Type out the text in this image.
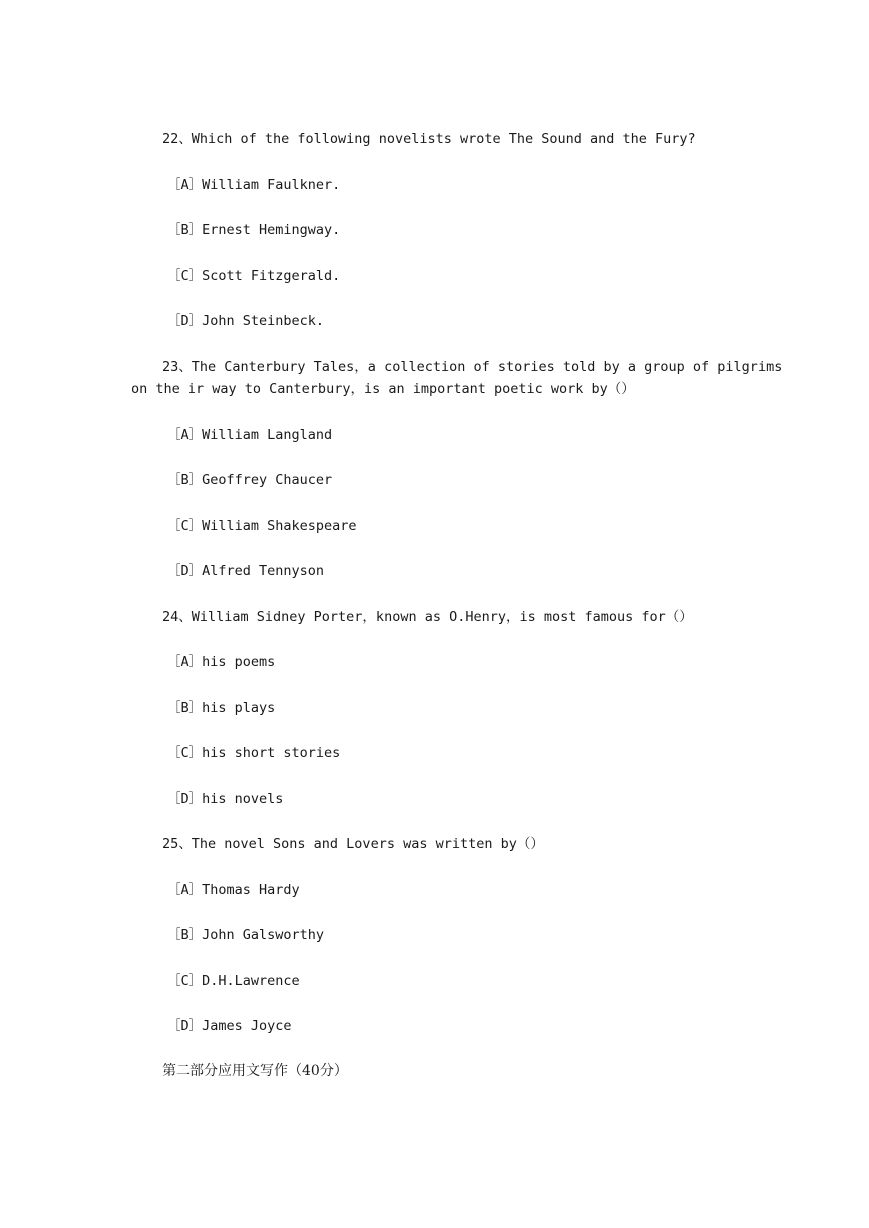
22、Which of the following novelists wrote The Sound and the Fury?
［A］William Faulkner.
［B］Ernest Hemingway.
［C］Scott Fitzgerald.
［D］John Steinbeck.
23、The Canterbury Tales，a collection of stories told by a group of pilgrims
on the ir way to Canterbury，is an important poetic work by（）
［A］William Langland
［B］Geoffrey Chaucer
［C］William Shakespeare
［D］Alfred Tennyson
24、William Sidney Porter，known as O.Henry，is most famous for（）
［A］his poems
［B］his plays
［C］his short stories
［D］his novels
25、The novel Sons and Lovers was written by（）
［A］Thomas Hardy
［B］John Galsworthy
［C］D.H.Lawrence
［D］James Joyce
第二部分应用文写作（40分）
